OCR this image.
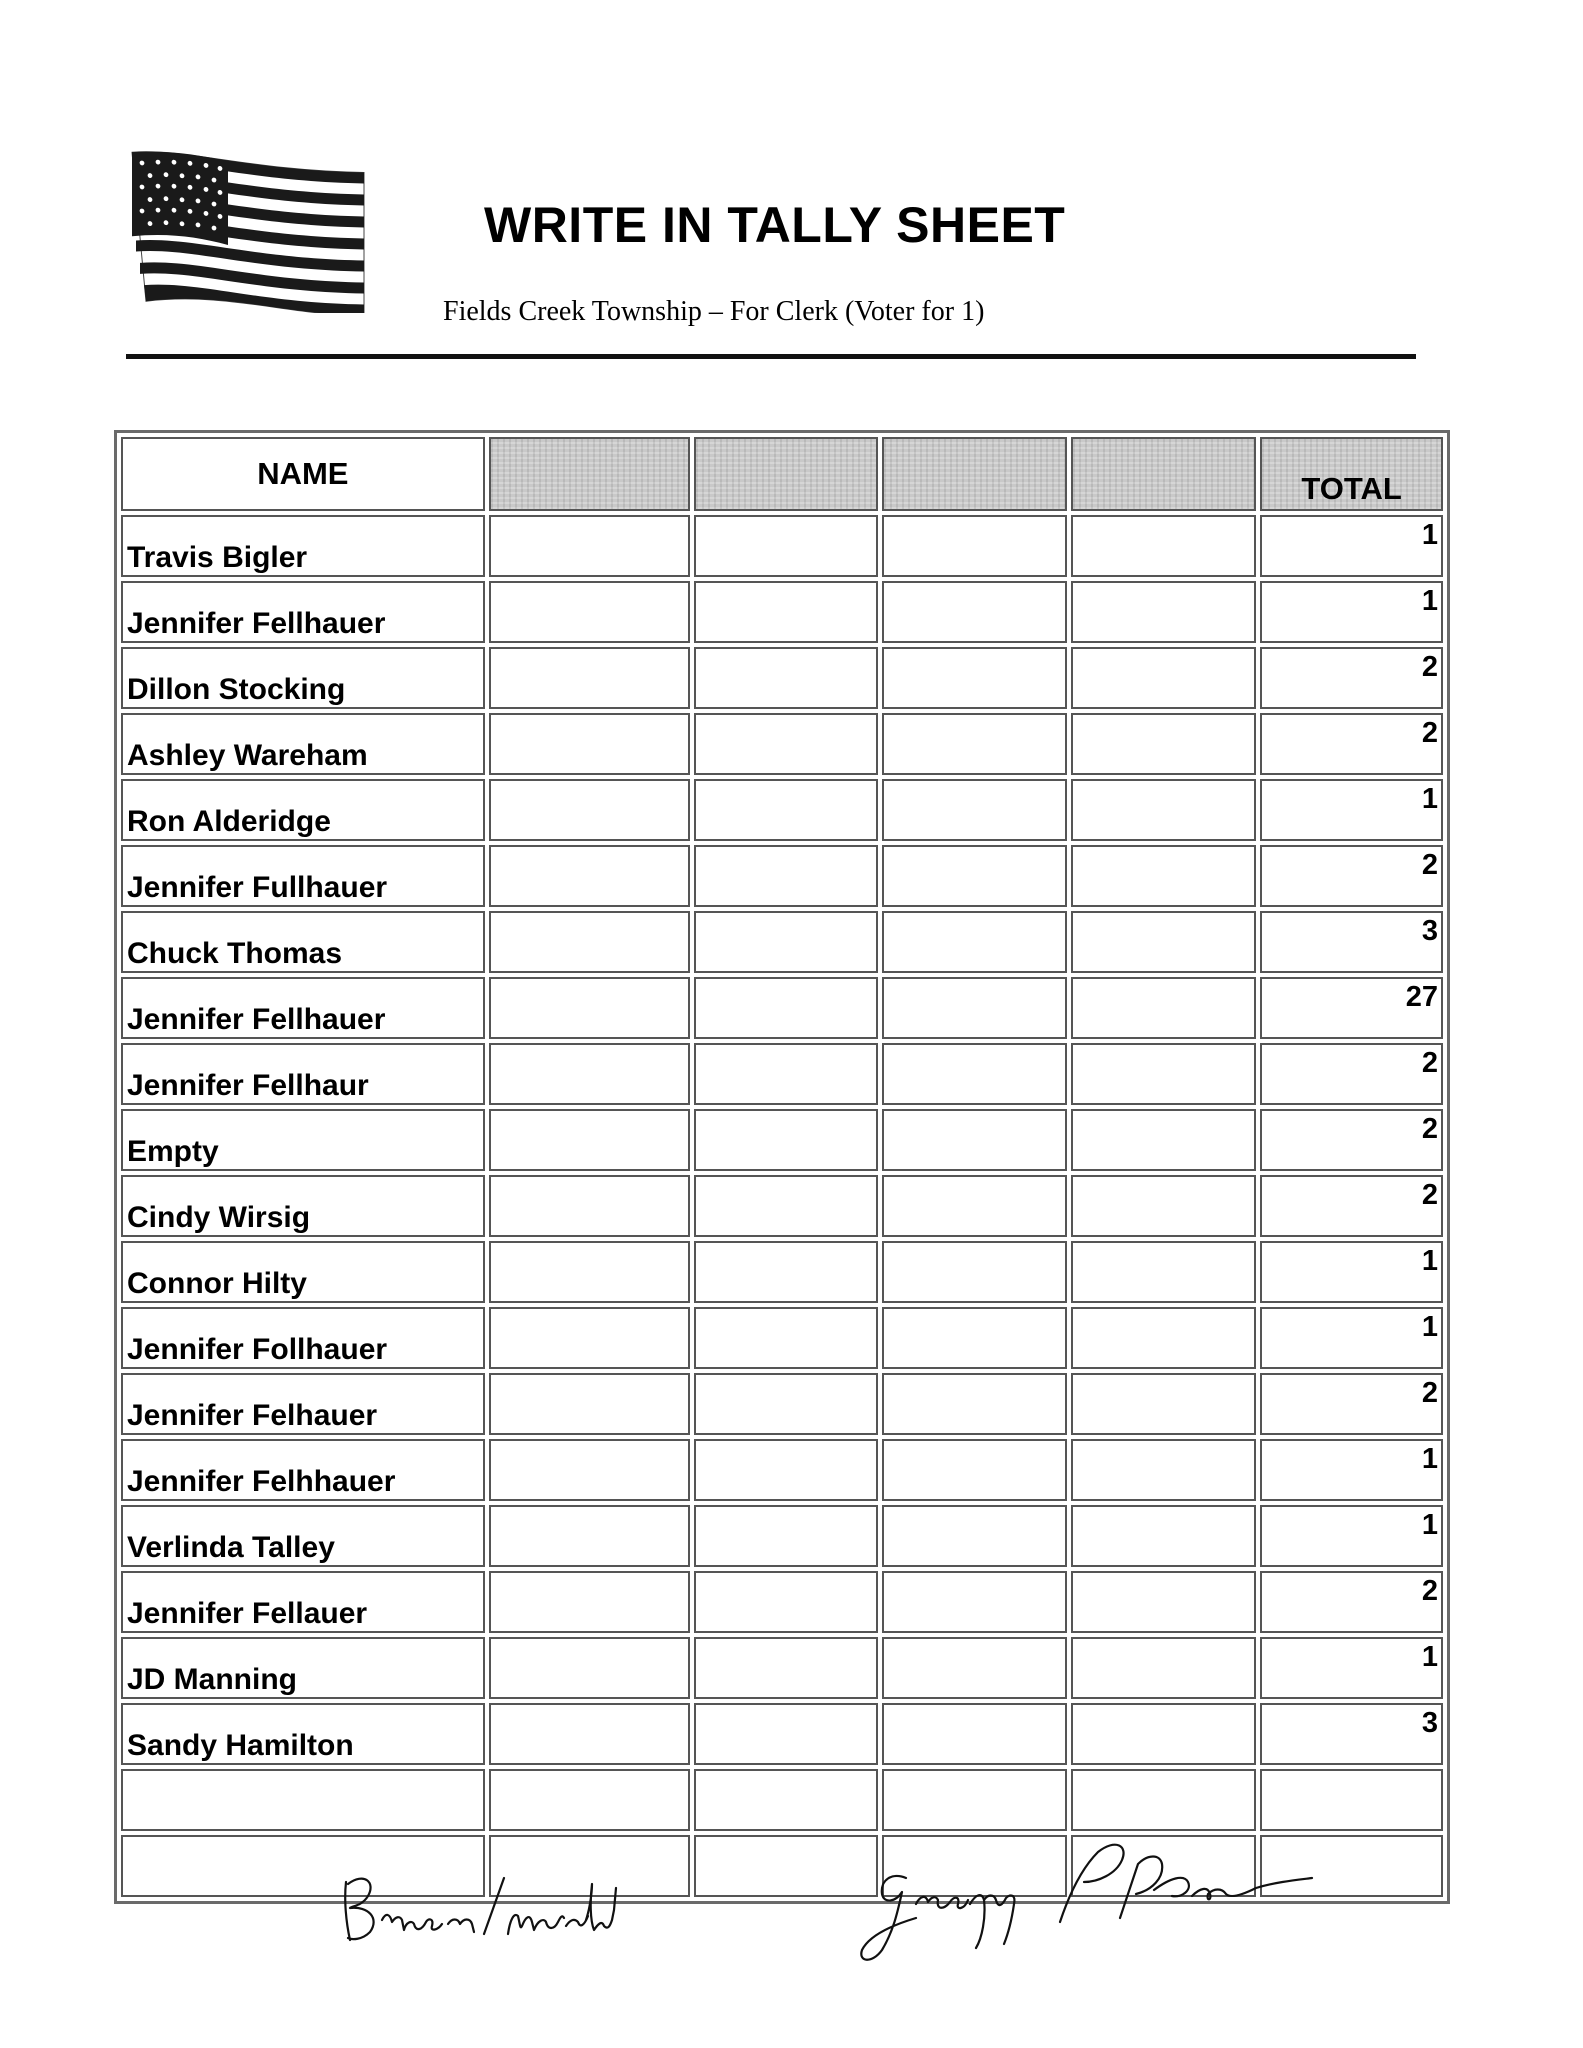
WRITE IN TALLY SHEET

Fields Creek Township – For Clerk (Voter for 1)

NAME					TOTAL
Travis Bigler					1
Jennifer Fellhauer					1
Dillon Stocking					2
Ashley Wareham					2
Ron Alderidge					1
Jennifer Fullhauer					2
Chuck Thomas					3
Jennifer Fellhauer					27
Jennifer Fellhaur					2
Empty					2
Cindy Wirsig					2
Connor Hilty					1
Jennifer Follhauer					1
Jennifer Felhauer					2
Jennifer Felhhauer					1
Verlinda Talley					1
Jennifer Fellauer					2
JD Manning					1
Sandy Hamilton					3
